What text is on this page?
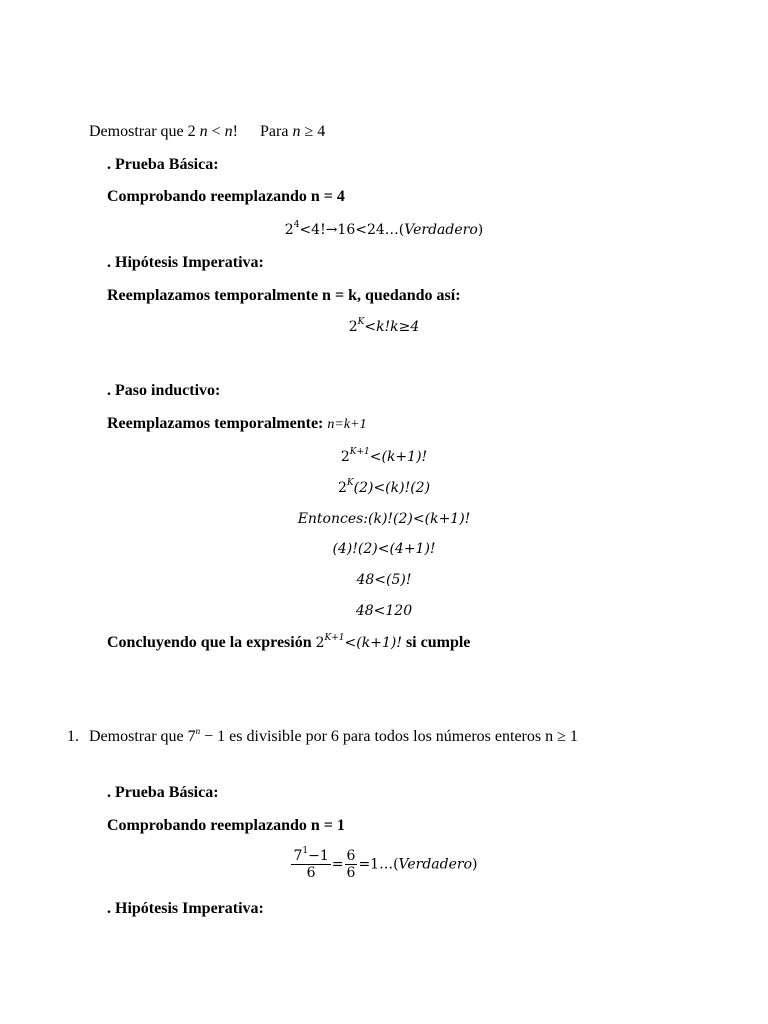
Demostrar que 2 n < n! Para n ≥ 4
. Prueba Básica:
Comprobando reemplazando n = 4
$2^4<4!\to 16<24\dots(Verdadero)$
. Hipótesis Imperativa:
Reemplazamos temporalmente n = k, quedando así:
$2^K<k!k\ge 4$
. Paso inductivo:
Reemplazamos temporalmente: n=k+1
$2^{K+1}<(k+1)$!
$2^K(2)<(k)!(2)$
Entonces:(k)!(2)<(k+1)!
(4)!(2)<(4+1)!
48<(5)!
48<120
Concluyendo que la expresión $2^{K+1}<(k+1)$! si cumple
1. Demostrar que $7^n - 1$ es divisible por 6 para todos los números enteros n ≥ 1
. Prueba Básica:
Comprobando reemplazando n = 1
$\frac{7^1-1}{6} = \frac{6}{6}$ =1…(Verdadero)
. Hipótesis Imperativa:
